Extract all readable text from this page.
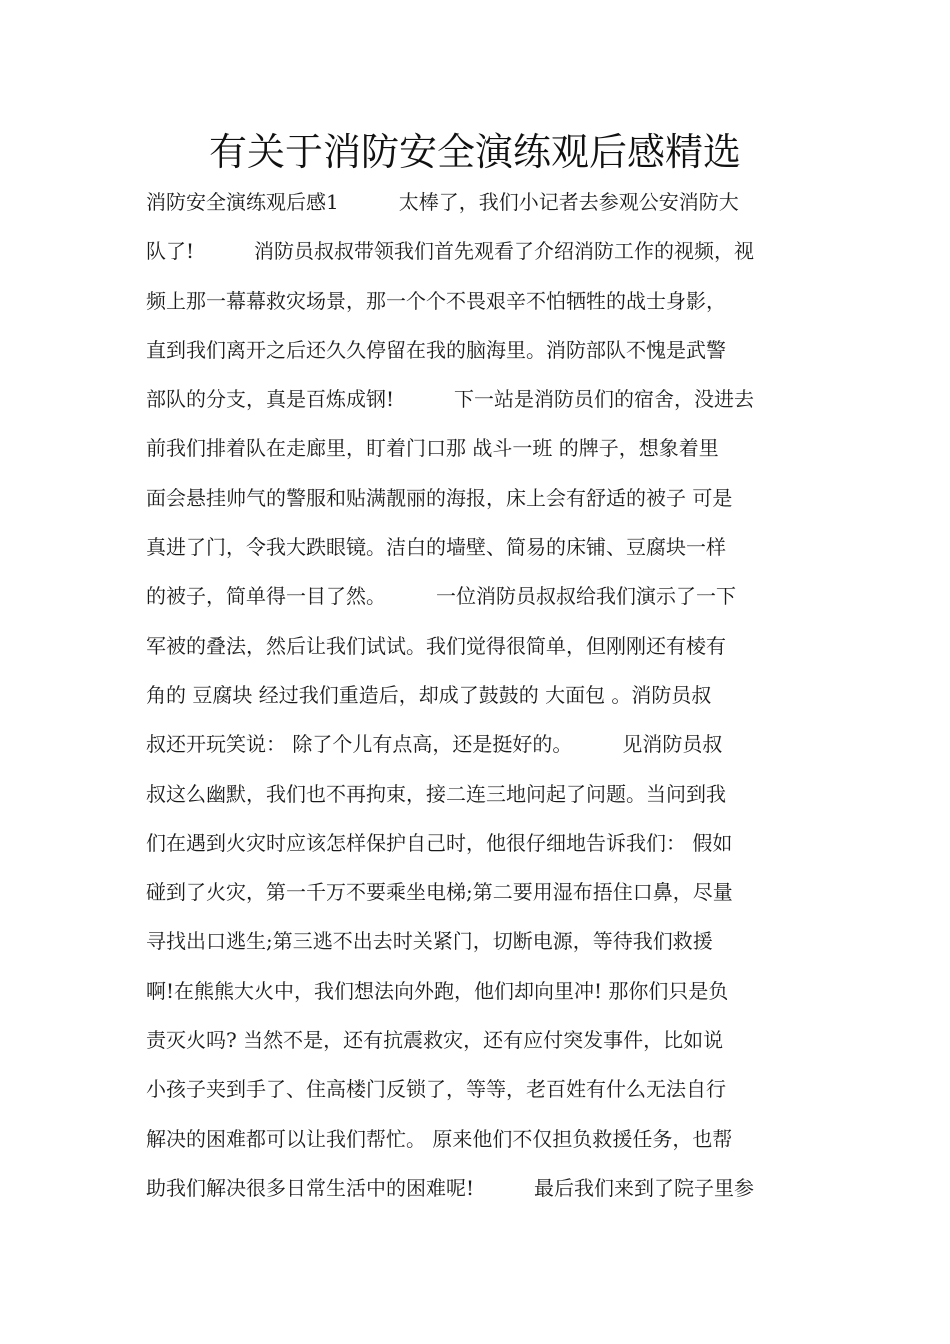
有关于消防安全演练观后感精选
消防安全演练观后感1　　　太棒了，我们小记者去参观公安消防大
队了!　　　消防员叔叔带领我们首先观看了介绍消防工作的视频，视
频上那一幕幕救灾场景，那一个个不畏艰辛不怕牺牲的战士身影，
直到我们离开之后还久久停留在我的脑海里。消防部队不愧是武警
部队的分支，真是百炼成钢!　　　下一站是消防员们的宿舍，没进去
前我们排着队在走廊里，盯着门口那 战斗一班 的牌子，想象着里
面会悬挂帅气的警服和贴满靓丽的海报，床上会有舒适的被子 可是
真进了门，令我大跌眼镜。洁白的墙壁、简易的床铺、豆腐块一样
的被子，简单得一目了然。　　　一位消防员叔叔给我们演示了一下
军被的叠法，然后让我们试试。我们觉得很简单，但刚刚还有棱有
角的 豆腐块 经过我们重造后，却成了鼓鼓的 大面包 。消防员叔
叔还开玩笑说： 除了个儿有点高，还是挺好的。　　　见消防员叔
叔这么幽默，我们也不再拘束，接二连三地问起了问题。当问到我
们在遇到火灾时应该怎样保护自己时，他很仔细地告诉我们： 假如
碰到了火灾，第一千万不要乘坐电梯;第二要用湿布捂住口鼻，尽量
寻找出口逃生;第三逃不出去时关紧门，切断电源，等待我们救援
啊!在熊熊大火中，我们想法向外跑，他们却向里冲! 那你们只是负
责灭火吗? 当然不是，还有抗震救灾，还有应付突发事件，比如说
小孩子夹到手了、住高楼门反锁了，等等，老百姓有什么无法自行
解决的困难都可以让我们帮忙。 原来他们不仅担负救援任务，也帮
助我们解决很多日常生活中的困难呢!　　　最后我们来到了院子里参
